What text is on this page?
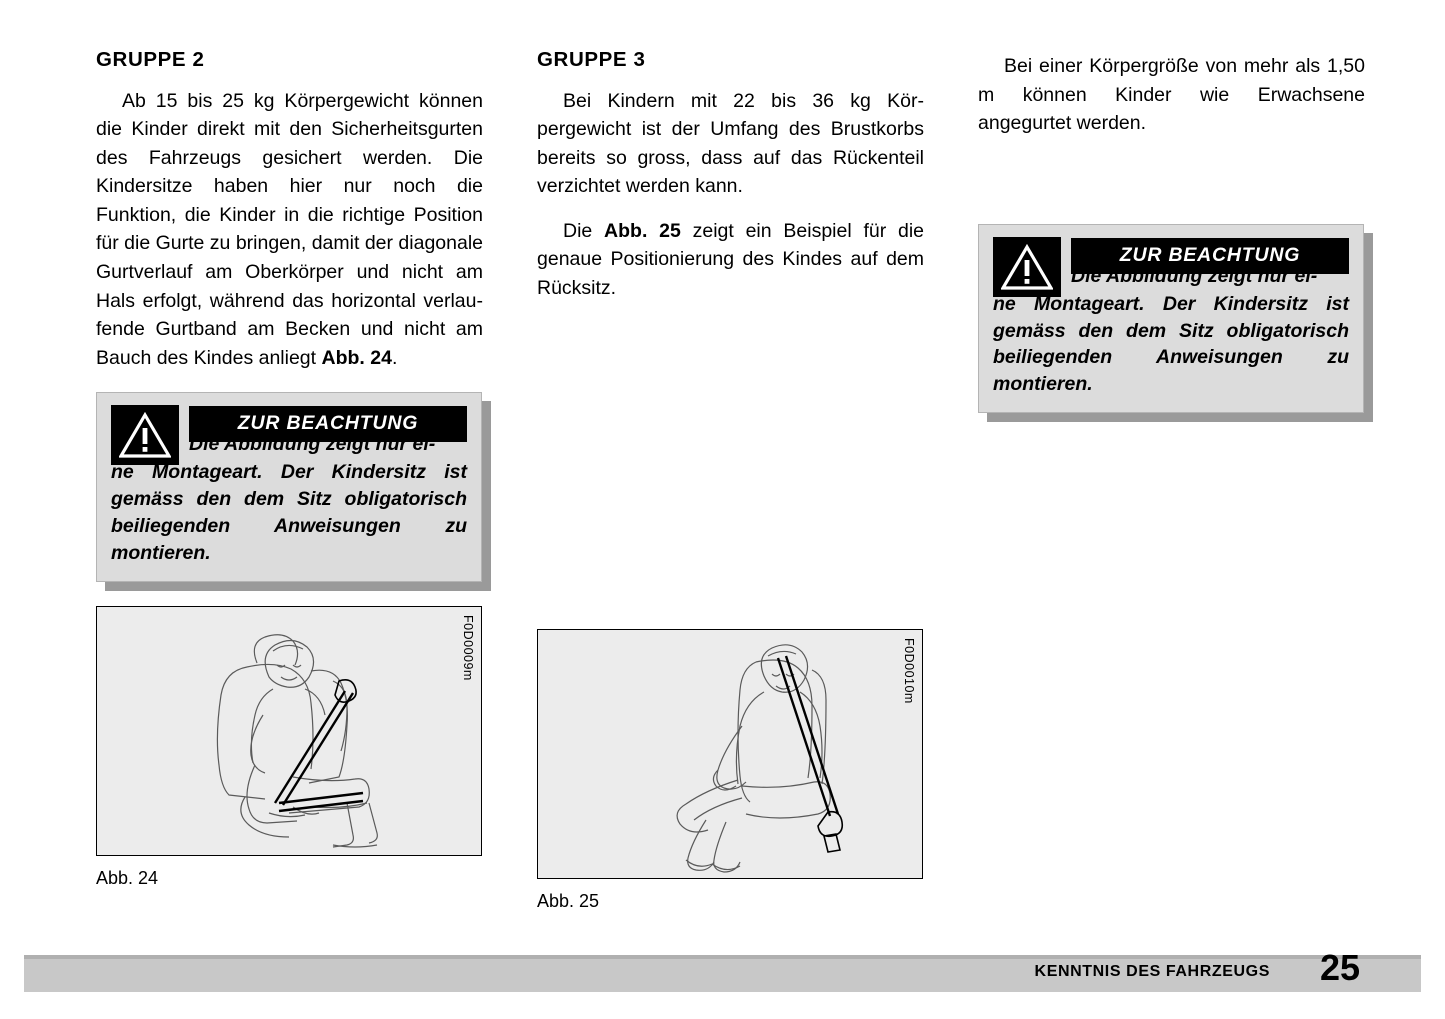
GRUPPE 2

Ab 15 bis 25 kg Körpergewicht können die Kinder direkt mit den Sicherheitsgurten des Fahrzeugs gesichert werden. Die Kindersitze haben hier nur noch die Funktion, die Kinder in die richtige Position für die Gurte zu bringen, damit der diagonale Gurtverlauf am Oberkörper und nicht am Hals erfolgt, während das horizontal verlaufende Gurtband am Becken und nicht am Bauch des Kindes anliegt Abb. 24.

ZUR BEACHTUNG

Die Abbildung zeigt nur ei-
ne Montageart. Der Kindersitz ist gemäss den dem Sitz obligatorisch beiliegenden Anweisungen zu montieren.

F0D0009m
Abb. 24
GRUPPE 3

Bei Kindern mit 22 bis 36 kg Körpergewicht ist der Umfang des Brustkorbs bereits so gross, dass auf das Rückenteil verzichtet werden kann.

Die Abb. 25 zeigt ein Beispiel für die genaue Positionierung des Kindes auf dem Rücksitz.

F0D0010m
Abb. 25

Bei einer Körpergröße von mehr als 1,50 m können Kinder wie Erwachsene angegurtet werden.

ZUR BEACHTUNG

Die Abbildung zeigt nur ei-
ne Montageart. Der Kindersitz ist gemäss den dem Sitz obligatorisch beiliegenden Anweisungen zu montieren.

KENNTNIS DES FAHRZEUGS 25
